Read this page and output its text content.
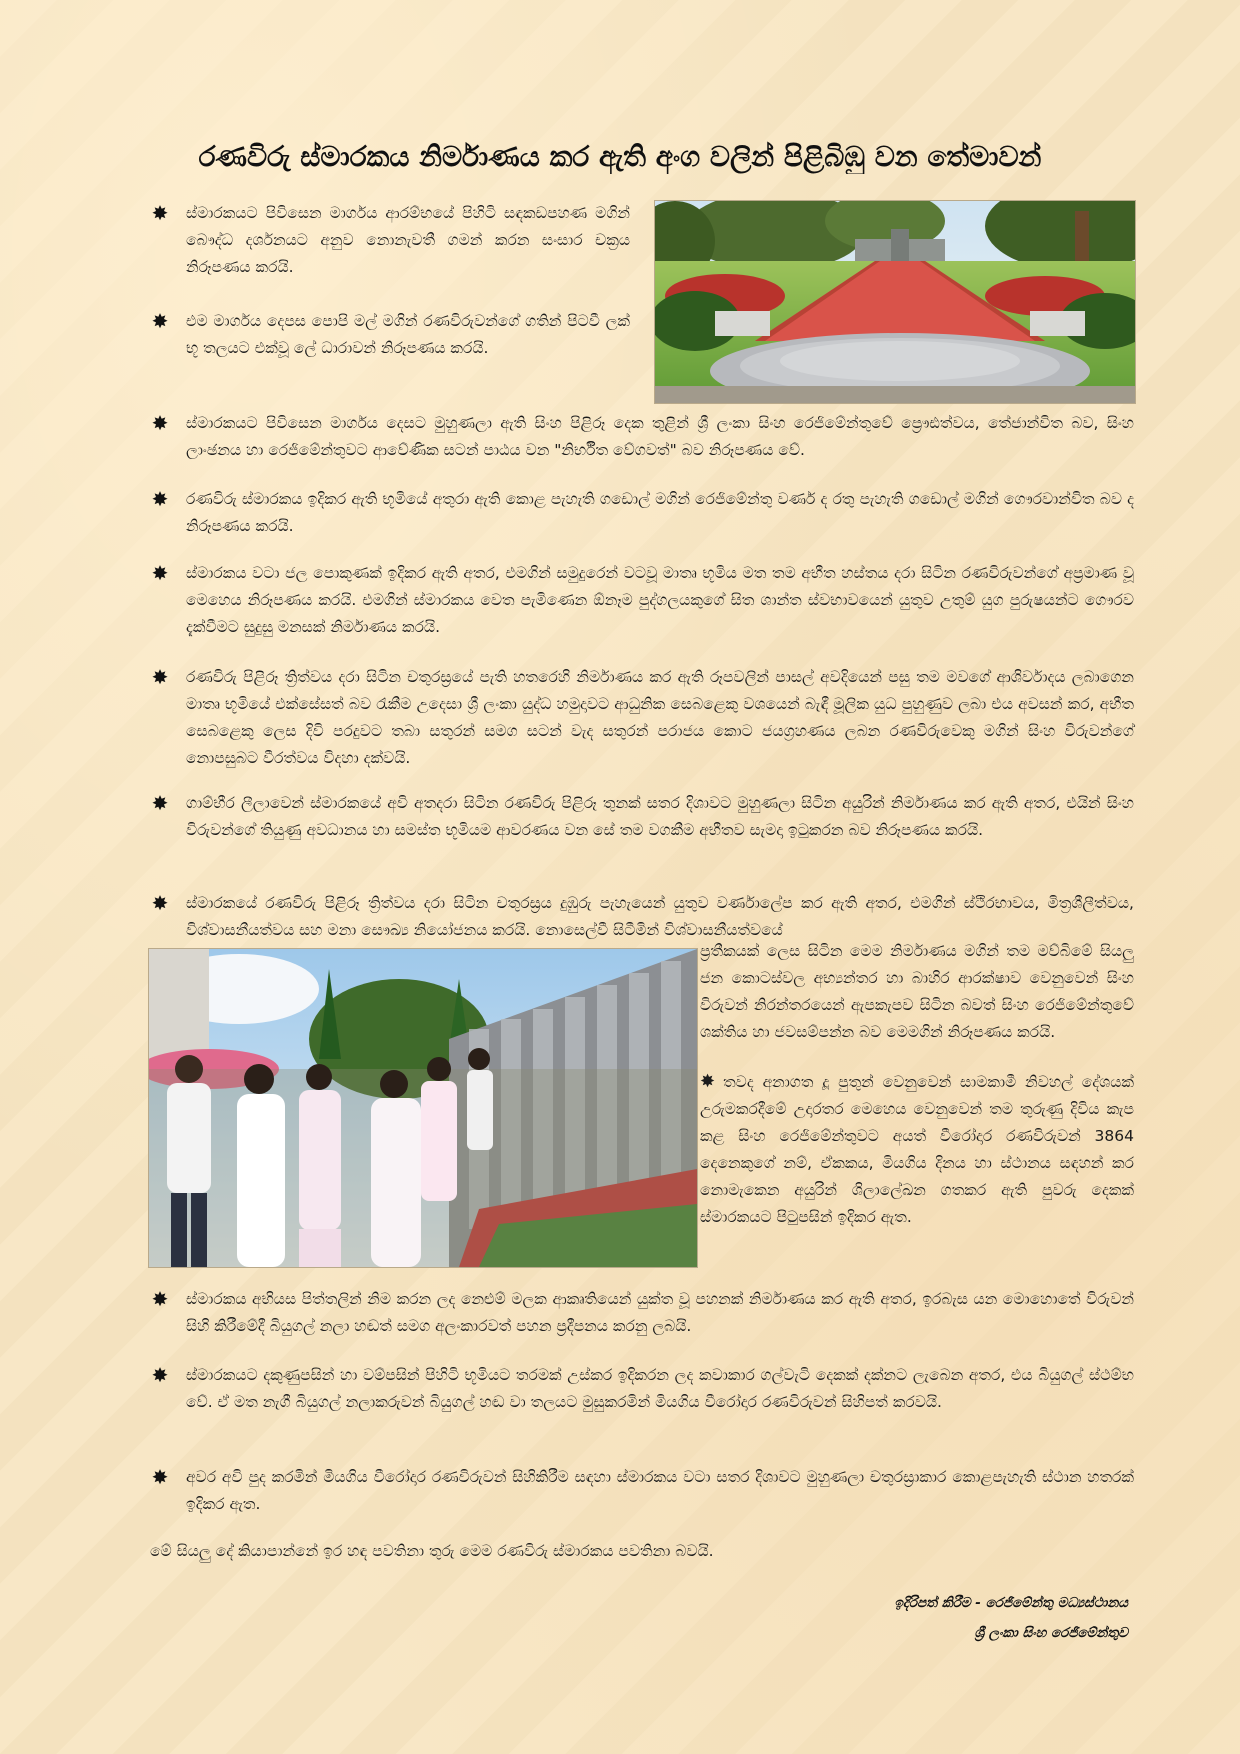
රණවිරු ස්මාරකය නිර්මාණය කර ඇති අංග වලින් පිළිබිඹු වන තේමාවන්
✸ ස්මාරකයට පිවිසෙන මාර්ගය ආරම්භයේ පිහිටි සඳකඩපහණ මගින් බෞද්ධ දර්ශනයට අනුව නොනැවතී ගමන් කරන සංසාර චක්‍රය නිරූපණය කරයි.
✸ එම මාර්ගය දෙපස පොපි මල් මගින් රණවිරුවන්ගේ ගතින් පිටවී ලක් භූ තලයට එක්වූ ලේ ධාරාවන් නිරූපණය කරයි.
✸ ස්මාරකයට පිවිසෙන මාර්ගය දෙසට මුහුණලා ඇති සිංහ පිළිරූ දෙක තුළින් ශ්‍රී ලංකා සිංහ රෙජිමේන්තුවේ ප්‍රෞඪත්වය, තේජාන්විත බව, සිංහ ලාංඡනය හා රෙජිමේන්තුවට ආවේණික සටන් පාඨය වන "නිර්භීත වේගවත්" බව නිරූපණය වේ.
✸ රණවිරු ස්මාරකය ඉදිකර ඇති භූමියේ අතුරා ඇති කොළ පැහැති ගඩොල් මගින් රෙජිමේන්තු වර්ණ ද රතු පැහැති ගඩොල් මගින් ගෞරවාන්විත බව ද නිරූපණය කරයි.
✸ ස්මාරකය වටා ජල පොකුණක් ඉදිකර ඇති අතර, එමගින් සමුදුරෙන් වටවූ මාතෘ භූමිය මත තම අභීත හස්තය දරා සිටින රණවිරුවන්ගේ අප්‍රමාණ වූ මෙහෙය නිරූපණය කරයි. එමගින් ස්මාරකය වෙත පැමිණෙන ඕනෑම පුද්ගලයකුගේ සිත ශාන්ත ස්වභාවයෙන් යුතුව උතුම් යුග පුරුෂයන්ට ගෞරව දැක්වීමට සුදුසු මනසක් නිර්මාණය කරයි.
✸ රණවිරු පිළිරූ ත්‍රිත්වය දරා සිටින චතුරස්‍රයේ පැති හතරෙහි නිර්මාණය කර ඇති රූපවලින් පාසල් අවදියෙන් පසු තම මවගේ ආශිර්වාදය ලබාගෙන මාතෘ භූමියේ එක්සේසත් බව රැකීම උදෙසා ශ්‍රී ලංකා යුද්ධ හමුදාවට ආධුනික සෙබළෙකු වශයෙන් බැඳී මූලික යුධ පුහුණුව ලබා එය අවසන් කර, අභීත සෙබළෙකු ලෙස දිවි පරදුවට තබා සතුරන් සමග සටන් වැද සතුරන් පරාජය කොට ජයග්‍රහණය ලබන රණවිරුවෙකු මගින් සිංහ විරුවන්ගේ නොපසුබට වීරත්වය විදහා දක්වයි.
✸ ගාම්භීර ලීලාවෙන් ස්මාරකයේ අවි අතදරා සිටින රණවිරු පිළිරූ තුනක් සතර දිශාවට මුහුණලා සිටින අයුරින් නිර්මාණය කර ඇති අතර, එයින් සිංහ විරුවන්ගේ තියුණු අවධානය හා සමස්ත භූමියම ආවරණය වන සේ තම වගකීම අභීතව සැමදා ඉටුකරන බව නිරූපණය කරයි.
✸ ස්මාරකයේ රණවිරු පිළිරූ ත්‍රිත්වය දරා සිටින චතුරස්‍රය දුඹුරු පැහැයෙන් යුතුව වර්ණාලේප කර ඇති අතර, එමගින් ස්ථිරභාවය, මිත්‍රශීලීත්වය, විශ්වාසනීයත්වය සහ මනා සෞඛ්‍ය නියෝජනය කරයි. නොසෙල්වී සිටීමින් විශ්වාසනීයත්වයේ

ප්‍රතීකයක් ලෙස සිටින මෙම නිර්මාණය මගින් තම මව්බිමේ සියලු ජන කොටස්වල අභ්‍යන්තර හා බාහිර ආරක්ෂාව වෙනුවෙන් සිංහ විරුවන් නිරන්තරයෙන් ඇපකැපව සිටින බවත් සිංහ රෙජිමේන්තුවේ ශක්තිය හා ජවසම්පන්න බව මෙමගින් නිරූපණය කරයි.

✸ තවද අනාගත දූ පුතුන් වෙනුවෙන් සාමකාමී නිවහල් දේශයක් උරුමකරදීමේ උදාරතර මෙහෙය වෙනුවෙන් තම තුරුණු දිවිය කැප කළ සිංහ රෙජිමේන්තුවට අයත් වීරෝදාර රණවිරුවන් 3864 දෙනෙකුගේ නම්, ඒකකය, මියගිය දිනය හා ස්ථානය සඳහන් කර නොමැකෙන අයුරින් ශිලාලේඛන ගතකර ඇති පුවරු දෙකක් ස්මාරකයට පිටුපසින් ඉදිකර ඇත.

✸ ස්මාරකය අභියස පිත්තලින් නිම කරන ලද නෙළුම් මලක ආකෘතියෙන් යුක්ත වූ පහනක් නිර්මාණය කර ඇති අතර, ඉරබැස යන මොහොතේ විරුවන් සිහි කිරීමේදී බියුගල් නලා හඬත් සමග අලංකාරවත් පහන ප්‍රදීපනය කරනු ලබයි.
✸ ස්මාරකයට දකුණුපසින් හා වම්පසින් පිහිටි භූමියට තරමක් උස්කර ඉදිකරන ලද කවාකාර ගල්වැටි දෙකක් දක්නට ලැබෙන අතර, එය බියුගල් ස්ථම්භ වේ. ඒ මත නැගී බියුගල් නලාකරුවන් බියුගල් හඬ වා තලයට මුසුකරමින් මියගිය වීරෝදාර රණවිරුවන් සිහිපත් කරවයි.
✸ අවර අවි පුද කරමින් මියගිය වීරෝදාර රණවිරුවන් සිහිකිරීම සඳහා ස්මාරකය වටා සතර දිශාවට මුහුණලා චතුරස්‍රාකාර කොළපැහැති ස්ථාන හතරක් ඉදිකර ඇත.
මේ සියලු දේ කියාපාන්නේ ඉර හඳ පවතිනා තුරු මෙම රණවිරු ස්මාරකය පවතිනා බවයි.
ඉදිරිපත් කිරීම - රෙජිමේන්තු මධ්‍යස්ථානය
ශ්‍රී ලංකා සිංහ රෙජිමේන්තුව
